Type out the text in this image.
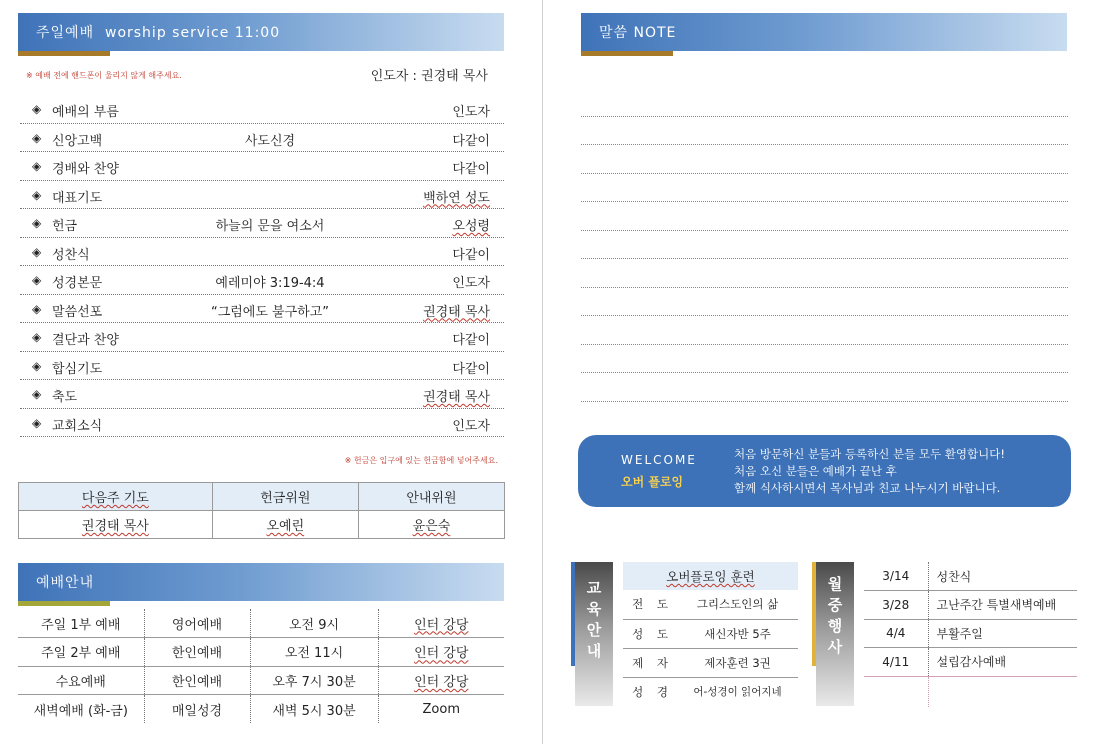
주일예배  worship service 11:00
※ 예배 전에 핸드폰이 울리지 않게 해주세요.	인도자 : 권경태 목사
◈ 예배의 부름	인도자
◈ 신앙고백	사도신경	다같이
◈ 경배와 찬양	다같이
◈ 대표기도	백하연 성도
◈ 헌금	하늘의 문을 여소서	오성령
◈ 성찬식	다같이
◈ 성경본문	예레미야 3:19-4:4	인도자
◈ 말씀선포	“그럼에도 불구하고”	권경태 목사
◈ 결단과 찬양	다같이
◈ 합심기도	다같이
◈ 축도	권경태 목사
◈ 교회소식	인도자
※ 헌금은 입구에 있는 헌금함에 넣어주세요.
다음주 기도	헌금위원	안내위원
권경태 목사	오예린	윤은숙
예배안내
주일 1부 예배	영어예배	오전 9시	인터 강당
주일 2부 예배	한인예배	오전 11시	인터 강당
수요예배	한인예배	오후 7시 30분	인터 강당
새벽예배 (화-금)	매일성경	새벽 5시 30분	Zoom
말씀 NOTE
WELCOME
오버 플로잉
처음 방문하신 분들과 등록하신 분들 모두 환영합니다!
처음 오신 분들은 예배가 끝난 후
함께 식사하시면서 목사님과 친교 나누시기 바랍니다.
교
육
안
내
오버플로잉 훈련	
전 도	그리스도인의 삶
성 도	새신자반 5주
제 자	제자훈련 3권
성 경	어-성경이 읽어지네
월
중
행
사
3/14	성찬식
3/28	고난주간 특별새벽예배
4/4	부활주일
4/11	설립감사예배
